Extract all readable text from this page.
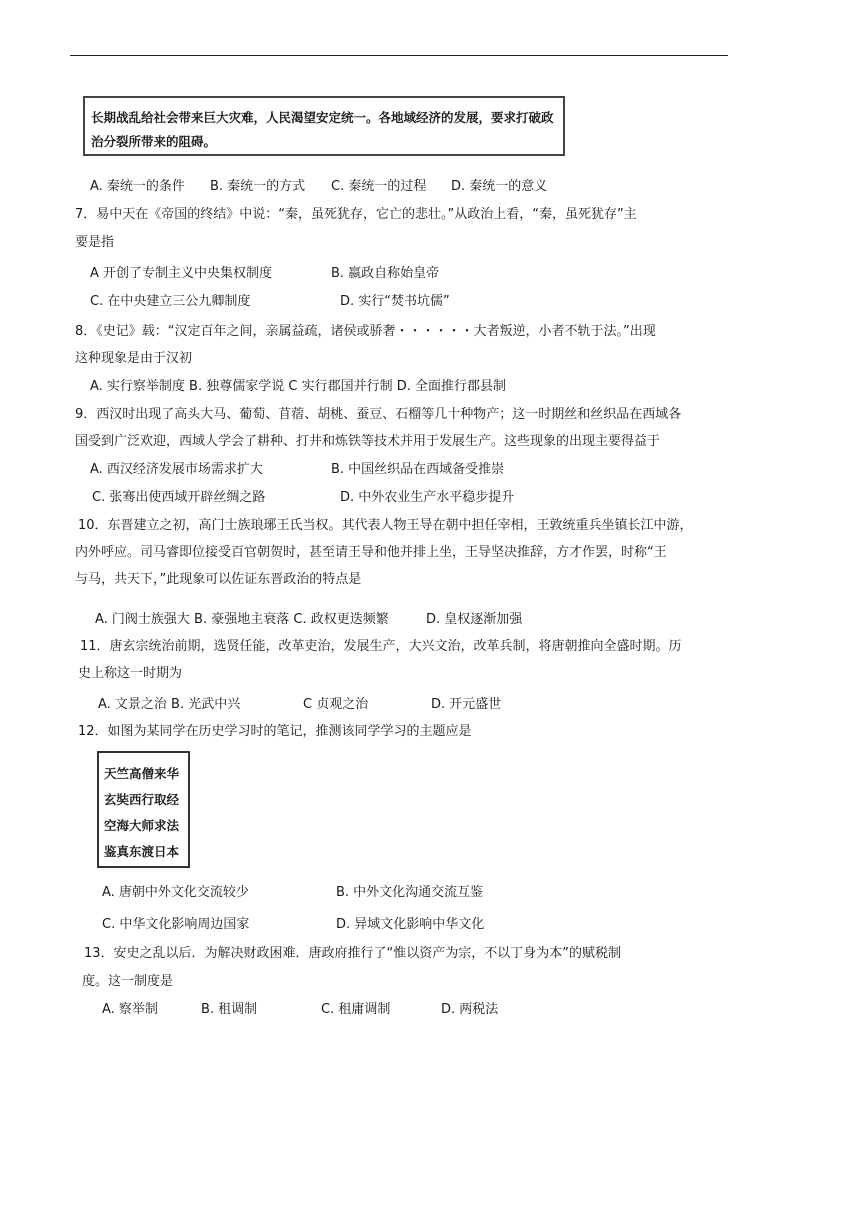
长期战乱给社会带来巨大灾难，人民渴望安定统一。各地域经济的发展，要求打破政
治分裂所带来的阻碍。
A. 秦统一的条件 B. 秦统一的方式 C. 秦统一的过程 D. 秦统一的意义
7．易中天在《帝国的终结》中说：“秦，虽死犹存，它亡的悲壮。”从政治上看，“秦，虽死犹存”主
要是指
A 开创了专制主义中央集权制度	B. 嬴政自称始皇帝
C. 在中央建立三公九卿制度	D. 实行“焚书坑儒”
8．《史记》载：“汉定百年之间，亲属益疏，诸侯或骄奢・・・・・・大者叛逆，小者不轨于法。”出现
这种现象是由于汉初
A. 实行察举制度 B. 独尊儒家学说 C 实行郡国并行制 D. 全面推行郡县制
9．西汉时出现了高头大马、葡萄、苜蓿、胡桃、蚕豆、石榴等几十种物产；这一时期丝和丝织品在西域各
国受到广泛欢迎，西域人学会了耕种、打井和炼铁等技术并用于发展生产。这些现象的出现主要得益于
A. 西汉经济发展市场需求扩大	B. 中国丝织品在西域备受推崇
C. 张骞出使西域开辟丝绸之路	D. 中外农业生产水平稳步提升
10．东晋建立之初，高门士族琅琊王氏当权。其代表人物王导在朝中担任宰相，王敦统重兵坐镇长江中游，
内外呼应。司马睿即位接受百官朝贺时，甚至请王导和他并排上坐，王导坚决推辞，方才作罢，时称“王
与马，共天下，”此现象可以佐证东晋政治的特点是
A. 门阀士族强大 B. 豪强地主衰落 C. 政权更迭频繁	D. 皇权逐渐加强
11．唐玄宗统治前期，选贤任能，改革吏治，发展生产，大兴文治，改革兵制，将唐朝推向全盛时期。历
史上称这一时期为
A. 文景之治 B. 光武中兴	C 贞观之治	D. 开元盛世
12．如图为某同学在历史学习时的笔记，推测该同学学习的主题应是
天竺高僧来华
玄奘西行取经
空海大师求法
鉴真东渡日本
A. 唐朝中外文化交流较少	B. 中外文化沟通交流互鉴
C. 中华文化影响周边国家	D. 异域文化影响中华文化
13．安史之乱以后．为解决财政困难．唐政府推行了“惟以资产为宗，不以丁身为本”的赋税制
度。这一制度是
A. 察举制	B. 租调制	C. 租庸调制	D. 两税法
